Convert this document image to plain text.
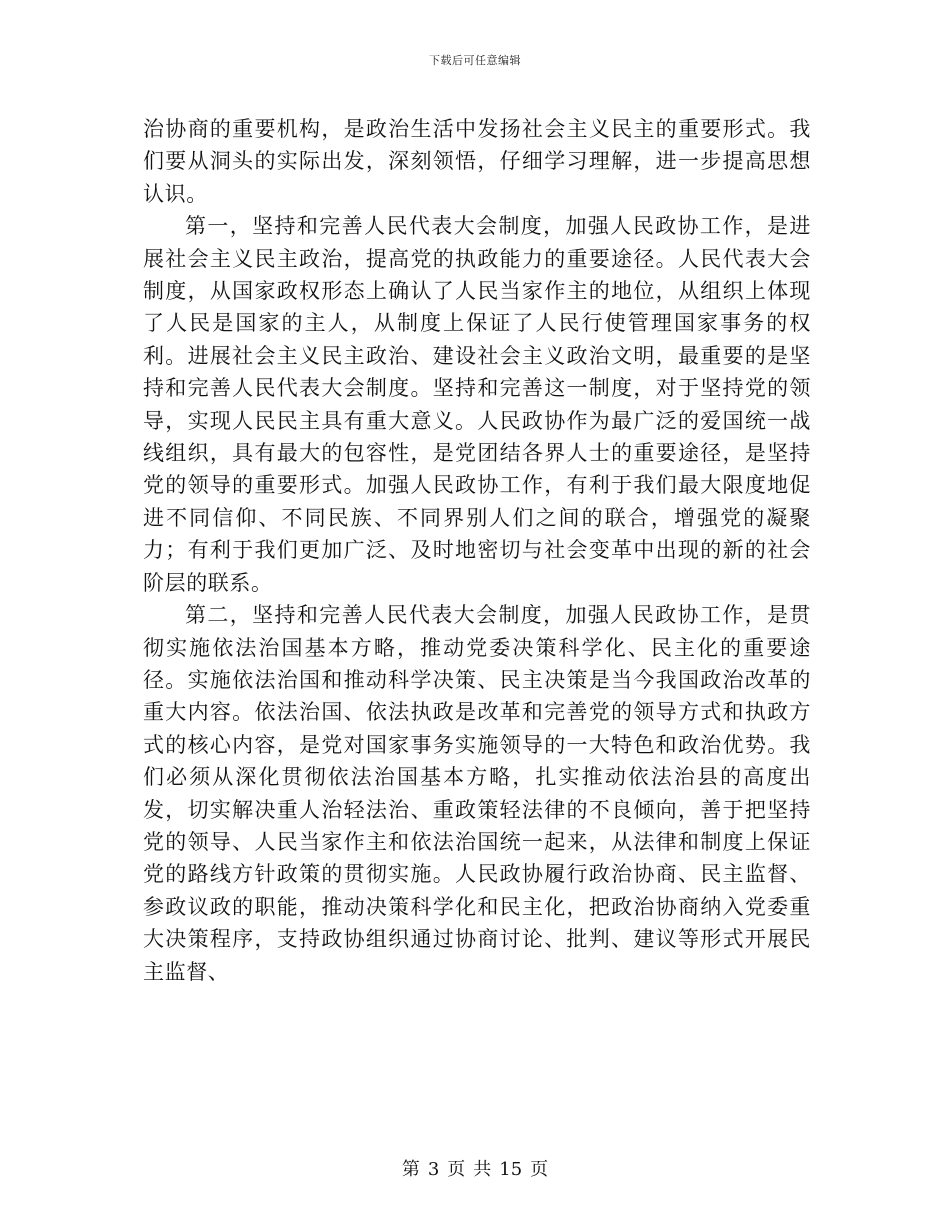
下载后可任意编辑

治协商的重要机构，是政治生活中发扬社会主义民主的重要形式。我们要从洞头的实际出发，深刻领悟，仔细学习理解，进一步提高思想认识。

第一，坚持和完善人民代表大会制度，加强人民政协工作，是进展社会主义民主政治，提高党的执政能力的重要途径。人民代表大会制度，从国家政权形态上确认了人民当家作主的地位，从组织上体现了人民是国家的主人，从制度上保证了人民行使管理国家事务的权利。进展社会主义民主政治、建设社会主义政治文明，最重要的是坚持和完善人民代表大会制度。坚持和完善这一制度，对于坚持党的领导，实现人民民主具有重大意义。人民政协作为最广泛的爱国统一战线组织，具有最大的包容性，是党团结各界人士的重要途径，是坚持党的领导的重要形式。加强人民政协工作，有利于我们最大限度地促进不同信仰、不同民族、不同界别人们之间的联合，增强党的凝聚力；有利于我们更加广泛、及时地密切与社会变革中出现的新的社会阶层的联系。

第二，坚持和完善人民代表大会制度，加强人民政协工作，是贯彻实施依法治国基本方略，推动党委决策科学化、民主化的重要途径。实施依法治国和推动科学决策、民主决策是当今我国政治改革的重大内容。依法治国、依法执政是改革和完善党的领导方式和执政方式的核心内容，是党对国家事务实施领导的一大特色和政治优势。我们必须从深化贯彻依法治国基本方略，扎实推动依法治县的高度出发，切实解决重人治轻法治、重政策轻法律的不良倾向，善于把坚持党的领导、人民当家作主和依法治国统一起来，从法律和制度上保证党的路线方针政策的贯彻实施。人民政协履行政治协商、民主监督、参政议政的职能，推动决策科学化和民主化，把政治协商纳入党委重大决策程序，支持政协组织通过协商讨论、批判、建议等形式开展民主监督、

第 3 页 共 15 页
